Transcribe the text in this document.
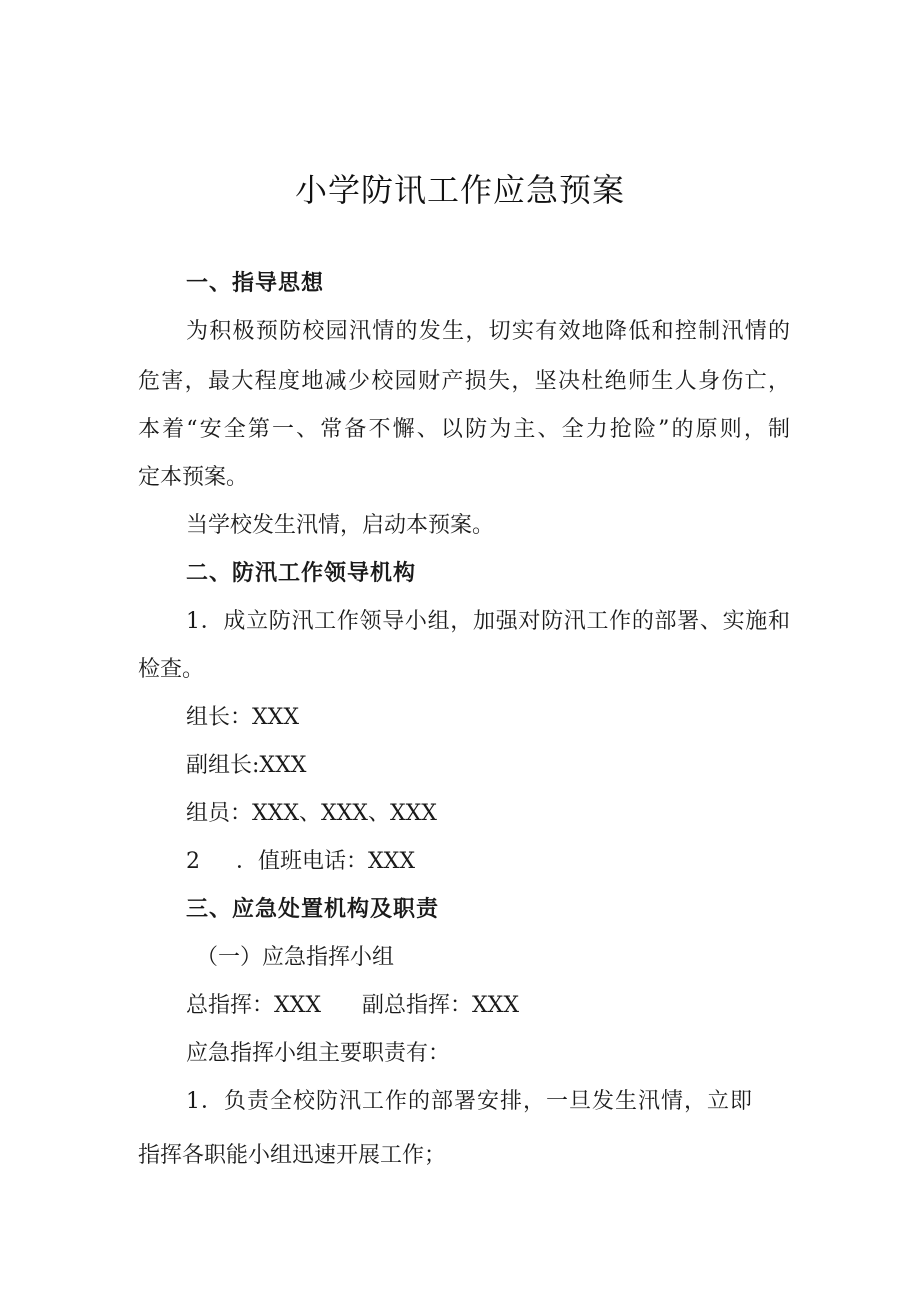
小学防讯工作应急预案
一、指导思想
为积极预防校园汛情的发生，切实有效地降低和控制汛情的
危害，最大程度地减少校园财产损失，坚决杜绝师生人身伤亡，
本着“安全第一、常备不懈、以防为主、全力抢险”的原则，制
定本预案。
当学校发生汛情，启动本预案。
二、防汛工作领导机构
1．成立防汛工作领导小组，加强对防汛工作的部署、实施和
检查。
组长：XXX
副组长:XXX
组员：XXX、XXX、XXX
2 ．值班电话：XXX
三、应急处置机构及职责
（一）应急指挥小组
总指挥：XXX 副总指挥：XXX
应急指挥小组主要职责有：
1．负责全校防汛工作的部署安排，一旦发生汛情，立即
指挥各职能小组迅速开展工作；
